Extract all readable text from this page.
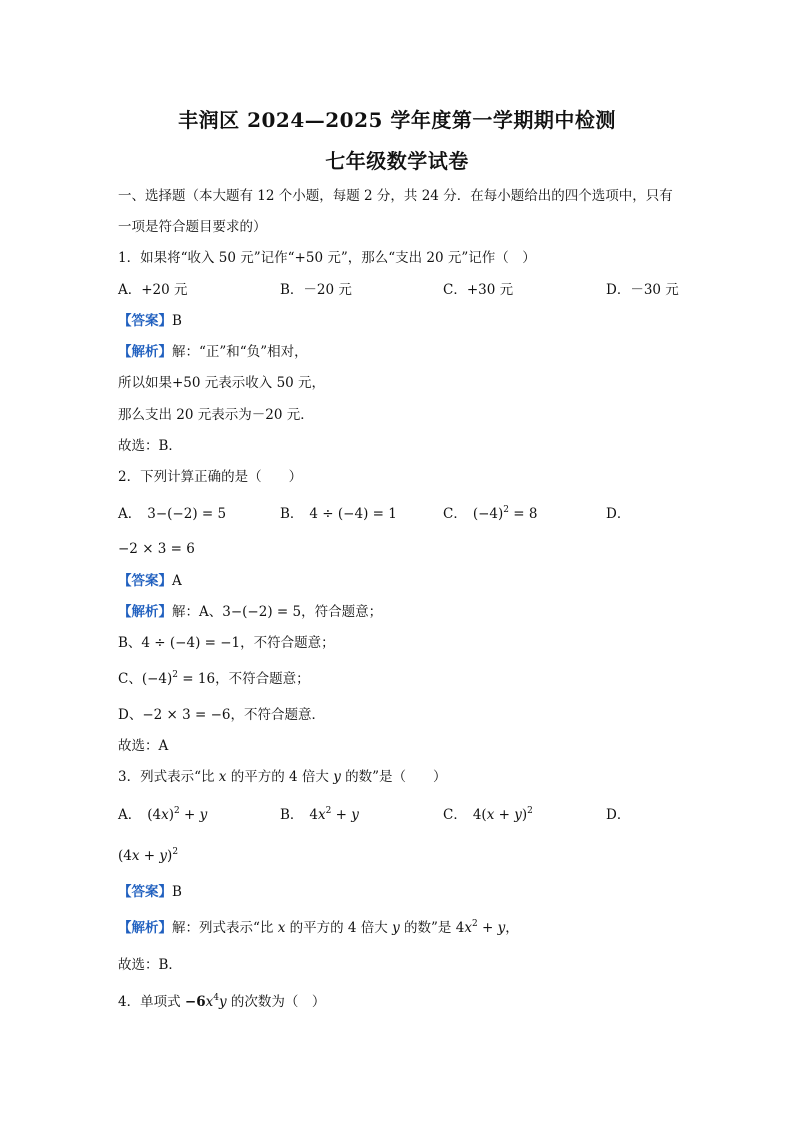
丰润区 2024—2025 学年度第一学期期中检测
七年级数学试卷
一、选择题（本大题有 12 个小题，每题 2 分，共 24 分．在每小题给出的四个选项中，只有
一项是符合题目要求的）
1．如果将“收入 50 元”记作“+50 元”，那么“支出 20 元”记作（　）
A．+20 元	B．－20 元	C．+30 元	D．－30 元
【答案】B
【解析】解：“正”和“负”相对，
所以如果+50 元表示收入 50 元，
那么支出 20 元表示为－20 元．
故选：B．
2．下列计算正确的是（　　）
A． 3−(−2) = 5	B． 4 ÷ (−4) = 1	C． $(-4)^2 = 8$	D．
−2 × 3 = 6
【答案】A
【解析】解：A、3−(−2) = 5，符合题意；
B、4 ÷ (−4) = −1，不符合题意；
C、$(-4)^2 = 16$，不符合题意；
D、−2 × 3 = −6，不符合题意．
故选：A
3．列式表示“比 x 的平方的 4 倍大 y 的数”是（　　）
A． $(4x)^2 + y$	B． $4x^2 + y$	C． $4(x + y)^2$	D．
$(4x + y)^2$
【答案】B
【解析】解：列式表示“比 x 的平方的 4 倍大 y 的数”是 $4x^2 + y$，
故选：B．
4．单项式 $-6x^4y$ 的次数为（　）
